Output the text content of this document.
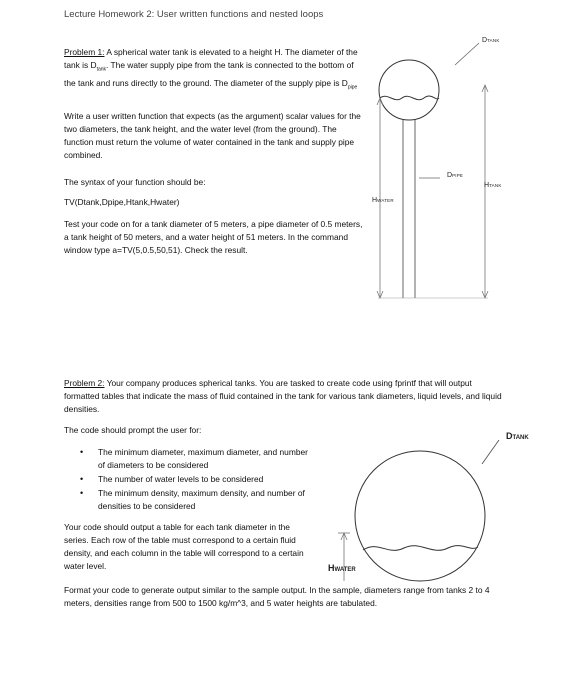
Lecture Homework 2: User written functions and nested loops
Problem 1: A spherical water tank is elevated to a height H. The diameter of the tank is $D_{tank}$. The water supply pipe from the tank is connected to the bottom of the tank and runs directly to the ground. The diameter of the supply pipe is $D_{pipe}$
Write a user written function that expects (as the argument) scalar values for the two diameters, the tank height, and the water level (from the ground). The function must return the volume of water contained in the tank and supply pipe combined.
The syntax of your function should be:
TV(Dtank,Dpipe,Htank,Hwater)
Test your code on for a tank diameter of 5 meters, a pipe diameter of 0.5 meters, a tank height of 50 meters, and a water height of 51 meters. In the command window type a=TV(5,0.5,50,51). Check the result.
DTANK
DPIPE
HTANK
HWATER
Problem 2: Your company produces spherical tanks. You are tasked to create code using fprintf that will output formatted tables that indicate the mass of fluid contained in the tank for various tank diameters, liquid levels, and liquid densities.
The code should prompt the user for:
• The minimum diameter, maximum diameter, and number of diameters to be considered
• The number of water levels to be considered
• The minimum density, maximum density, and number of densities to be considered
Your code should output a table for each tank diameter in the series. Each row of the table must correspond to a certain fluid density, and each column in the table will correspond to a certain water level.
Format your code to generate output similar to the sample output. In the sample, diameters range from tanks 2 to 4 meters, densities range from 500 to 1500 kg/m^3, and 5 water heights are tabulated.
DTANK
HWATER
